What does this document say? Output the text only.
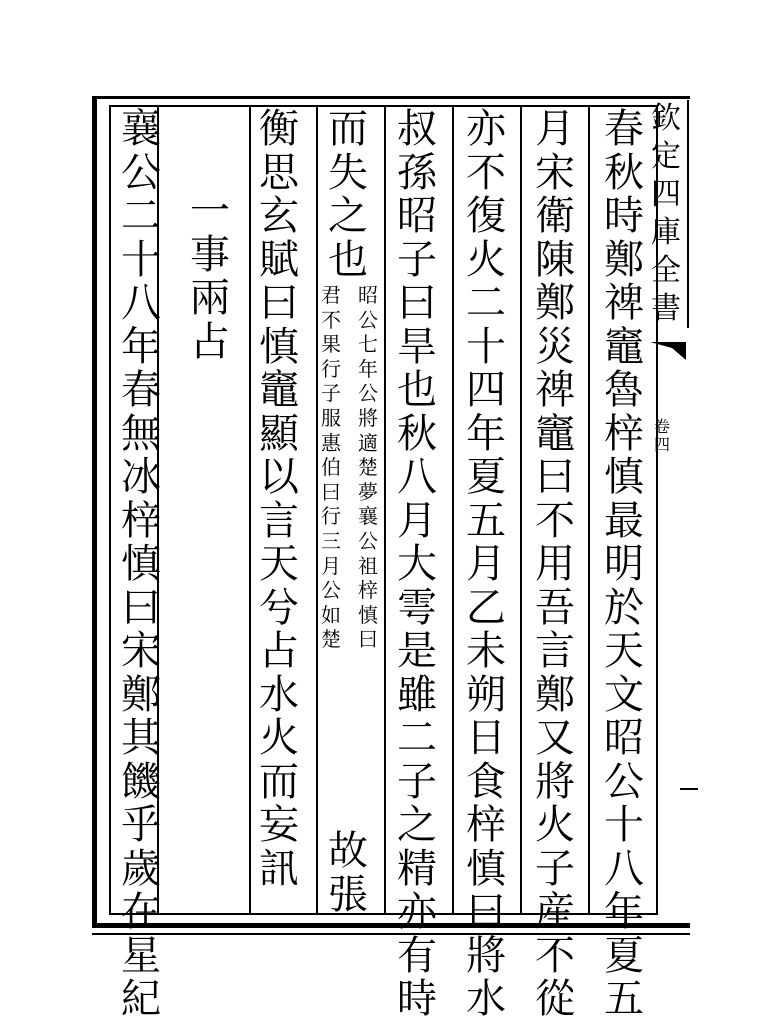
欽
定
四
庫
全
書
卷
四
春
秋
時
鄭
禆
竈
魯
梓
慎
最
明
於
天
文
昭
公
十
八
年
夏
五
月
宋
衛
陳
鄭
災
禆
竈
曰
不
用
吾
言
鄭
又
將
火
子
産
不
從
亦
不
復
火
二
十
四
年
夏
五
月
乙
未
朔
日
食
梓
慎
曰
將
水
叔
孫
昭
子
曰
旱
也
秋
八
月
大
雩
是
雖
二
子
之
精
亦
有
時
而
失
之
也
昭
公
七
年
公
將
適
楚
夢
襄
公
祖
梓
慎
曰
君
不
果
行
子
服
惠
伯
曰
行
三
月
公
如
楚
故
張
衡
思
玄
賦
曰
慎
竈
顯
以
言
天
兮
占
水
火
而
妄
訊
一
事
兩
占
襄
公
二
十
八
年
春
無
冰
梓
慎
曰
宋
鄭
其
饑
乎
歲
在
星
紀
